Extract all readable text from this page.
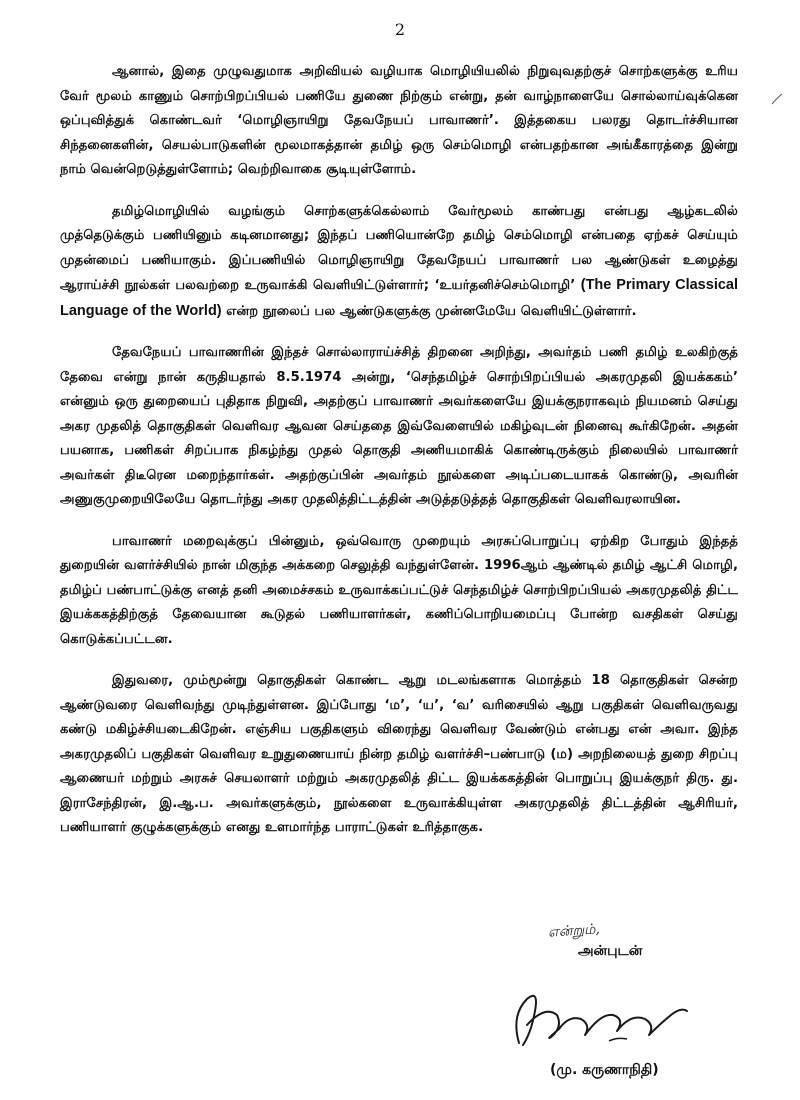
2

ஆனால், இதை முழுவதுமாக அறிவியல் வழியாக மொழியியலில் நிறுவுவதற்குச் சொற்களுக்கு உரிய வேர் மூலம் காணும் சொற்பிறப்பியல் பணியே துணை நிற்கும் என்று, தன் வாழ்நாளையே சொல்லாய்வுக்கென ஒப்புவித்துக் கொண்டவர் ‘மொழிஞாயிறு தேவநேயப் பாவாணர்’. இத்தகைய பலரது தொடர்ச்சியான சிந்தனைகளின், செயல்பாடுகளின் மூலமாகத்தான் தமிழ் ஒரு செம்மொழி என்பதற்கான அங்கீகாரத்தை இன்று நாம் வென்றெடுத்துள்ளோம்; வெற்றிவாகை சூடியுள்ளோம்.

தமிழ்மொழியில் வழங்கும் சொற்களுக்கெல்லாம் வேர்மூலம் காண்பது என்பது ஆழ்கடலில் முத்தெடுக்கும் பணியினும் கடினமானது; இந்தப் பணியொன்றே தமிழ் செம்மொழி என்பதை ஏற்கச் செய்யும் முதன்மைப் பணியாகும். இப்பணியில் மொழிஞாயிறு தேவநேயப் பாவாணர் பல ஆண்டுகள் உழைத்து ஆராய்ச்சி நூல்கள் பலவற்றை உருவாக்கி வெளியிட்டுள்ளார்; ‘உயர்தனிச்செம்மொழி’ (The Primary Classical Language of the World) என்ற நூலைப் பல ஆண்டுகளுக்கு முன்னமேயே வெளியிட்டுள்ளார்.

தேவநேயப் பாவாணரின் இந்தச் சொல்லாராய்ச்சித் திறனை அறிந்து, அவர்தம் பணி தமிழ் உலகிற்குத் தேவை என்று நான் கருதியதால் 8.5.1974 அன்று, ‘செந்தமிழ்ச் சொற்பிறப்பியல் அகரமுதலி இயக்ககம்’ என்னும் ஒரு துறையைப் புதிதாக நிறுவி, அதற்குப் பாவாணர் அவர்களையே இயக்குநராகவும் நியமனம் செய்து அகர முதலித் தொகுதிகள் வெளிவர ஆவன செய்ததை இவ்வேளையில் மகிழ்வுடன் நினைவு கூர்கிறேன். அதன் பயனாக, பணிகள் சிறப்பாக நிகழ்ந்து முதல் தொகுதி அணியமாகிக் கொண்டிருக்கும் நிலையில் பாவாணர் அவர்கள் திடீரென மறைந்தார்கள். அதற்குப்பின் அவர்தம் நூல்களை அடிப்படையாகக் கொண்டு, அவரின் அணுகுமுறையிலேயே தொடர்ந்து அகர முதலித்திட்டத்தின் அடுத்தடுத்தத் தொகுதிகள் வெளிவரலாயின.

பாவாணர் மறைவுக்குப் பின்னும், ஒவ்வொரு முறையும் அரசுப்பொறுப்பு ஏற்கிற போதும் இந்தத் துறையின் வளர்ச்சியில் நான் மிகுந்த அக்கறை செலுத்தி வந்துள்ளேன். 1996ஆம் ஆண்டில் தமிழ் ஆட்சி மொழி, தமிழ்ப் பண்பாட்டுக்கு எனத் தனி அமைச்சகம் உருவாக்கப்பட்டுச் செந்தமிழ்ச் சொற்பிறப்பியல் அகரமுதலித் திட்ட இயக்ககத்திற்குத் தேவையான கூடுதல் பணியாளர்கள், கணிப்பொறியமைப்பு போன்ற வசதிகள் செய்து கொடுக்கப்பட்டன.

இதுவரை, மும்மூன்று தொகுதிகள் கொண்ட ஆறு மடலங்களாக மொத்தம் 18 தொகுதிகள் சென்ற ஆண்டுவரை வெளிவந்து முடிந்துள்ளன. இப்போது ‘ம’, ‘ய’, ‘வ’ வரிசையில் ஆறு பகுதிகள் வெளிவருவது கண்டு மகிழ்ச்சியடைகிறேன். எஞ்சிய பகுதிகளும் விரைந்து வெளிவர வேண்டும் என்பது என் அவா. இந்த அகரமுதலிப் பகுதிகள் வெளிவர உறுதுணையாய் நின்ற தமிழ் வளர்ச்சி–பண்பாடு (ம) அறநிலையத் துறை சிறப்பு ஆணையர் மற்றும் அரசுச் செயலாளர் மற்றும் அகரமுதலித் திட்ட இயக்ககத்தின் பொறுப்பு இயக்குநர் திரு. து. இராசேந்திரன், இ.ஆ.ப. அவர்களுக்கும், நூல்களை உருவாக்கியுள்ள அகரமுதலித் திட்டத்தின் ஆசிரியர், பணியாளர் குழுக்களுக்கும் எனது உளமார்ந்த பாராட்டுகள் உரித்தாகுக.

என்றும்,
அன்புடன்
(மு. கருணாநிதி)
